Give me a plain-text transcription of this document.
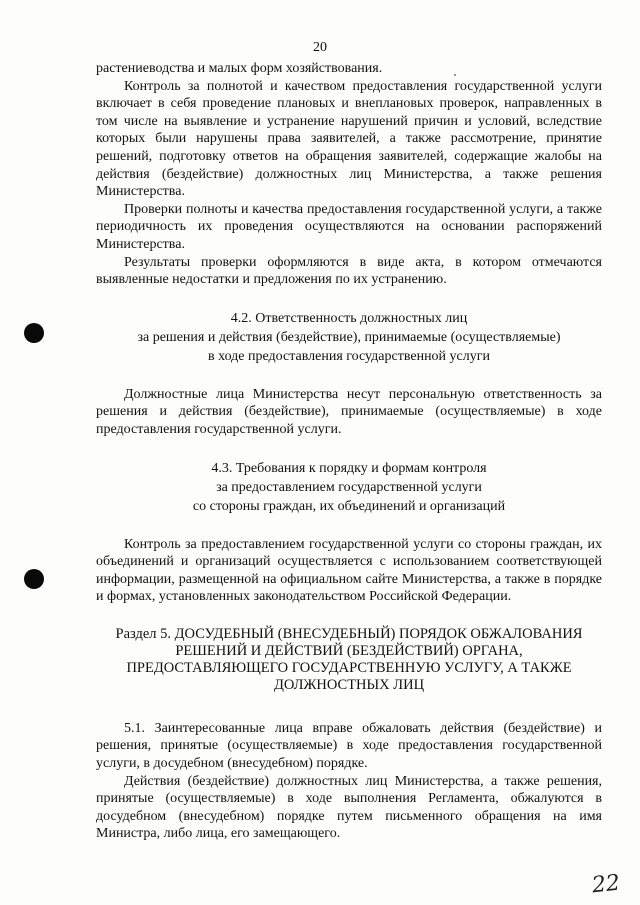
20

растениеводства и малых форм хозяйствования.

Контроль за полнотой и качеством предоставления государственной услуги включает в себя проведение плановых и внеплановых проверок, направленных в том числе на выявление и устранение нарушений причин и условий, вследствие которых были нарушены права заявителей, а также рассмотрение, принятие решений, подготовку ответов на обращения заявителей, содержащие жалобы на действия (бездействие) должностных лиц Министерства, а также решения Министерства.

Проверки полноты и качества предоставления государственной услуги, а также периодичность их проведения осуществляются на основании распоряжений Министерства.

Результаты проверки оформляются в виде акта, в котором отмечаются выявленные недостатки и предложения по их устранению.

4.2. Ответственность должностных лиц

за решения и действия (бездействие), принимаемые (осуществляемые)

в ходе предоставления государственной услуги

Должностные лица Министерства несут персональную ответственность за решения и действия (бездействие), принимаемые (осуществляемые) в ходе предоставления государственной услуги.

4.3. Требования к порядку и формам контроля

за предоставлением государственной услуги

со стороны граждан, их объединений и организаций

Контроль за предоставлением государственной услуги со стороны граждан, их объединений и организаций осуществляется с использованием соответствующей информации, размещенной на официальном сайте Министерства, а также в порядке и формах, установленных законодательством Российской Федерации.

Раздел 5. ДОСУДЕБНЫЙ (ВНЕСУДЕБНЫЙ) ПОРЯДОК ОБЖАЛОВАНИЯ

РЕШЕНИЙ И ДЕЙСТВИЙ (БЕЗДЕЙСТВИЙ) ОРГАНА,

ПРЕДОСТАВЛЯЮЩЕГО ГОСУДАРСТВЕННУЮ УСЛУГУ, А ТАКЖЕ

ДОЛЖНОСТНЫХ ЛИЦ

5.1. Заинтересованные лица вправе обжаловать действия (бездействие) и решения, принятые (осуществляемые) в ходе предоставления государственной услуги, в досудебном (внесудебном) порядке.

Действия (бездействие) должностных лиц Министерства, а также решения, принятые (осуществляемые) в ходе выполнения Регламента, обжалуются в досудебном (внесудебном) порядке путем письменного обращения на имя Министра, либо лица, его замещающего.

22
